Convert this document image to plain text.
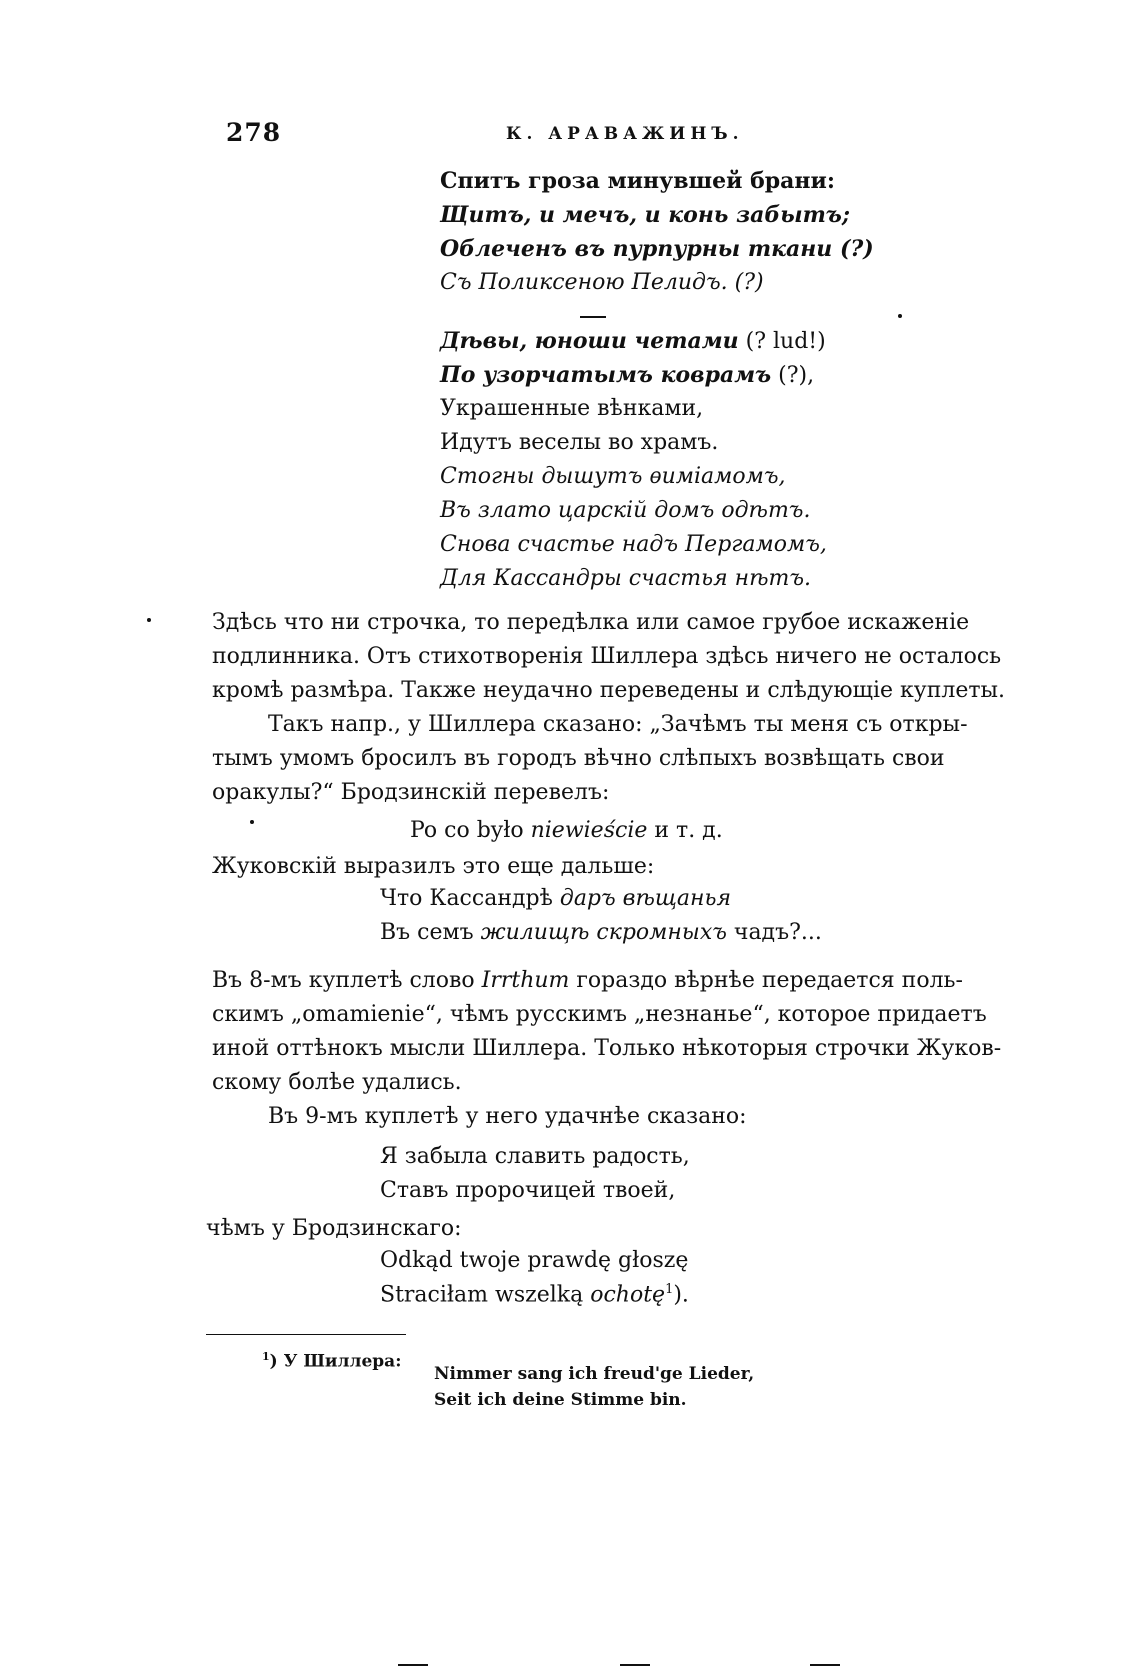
278	К. АРАВАЖИНЪ.
Спитъ гроза минувшей брани:
Щитъ, и мечъ, и конь забытъ;
Облеченъ въ пурпурны ткани (?)
Съ Поликсеною Пелидъ. (?)
Дѣвы, юноши четами (? lud!)
По узорчатымъ коврамъ (?),
Украшенные вѣнками,
Идутъ веселы во храмъ.
Стогны дышутъ ѳиміамомъ,
Въ злато царскій домъ одѣтъ.
Снова счастье надъ Пергамомъ,
Для Кассандры счастья нѣтъ.
Здѣсь что ни строчка, то передѣлка или самое грубое искаженіе
подлинника. Отъ стихотворенія Шиллера здѣсь ничего не осталось
кромѣ размѣра. Также неудачно переведены и слѣдующіе куплеты.
Такъ напр., у Шиллера сказано: „Зачѣмъ ты меня съ откры-
тымъ умомъ бросилъ въ городъ вѣчно слѣпыхъ возвѣщать свои
оракулы?“ Бродзинскій перевелъ:
Po co było niewieście и т. д.
Жуковскій выразилъ это еще дальше:
Что Кассандрѣ даръ вѣщанья
Въ семъ жилищѣ скромныхъ чадъ?...
Въ 8-мъ куплетѣ слово Irrthum гораздо вѣрнѣе передается поль-
скимъ „omamienie“, чѣмъ русскимъ „незнанье“, которое придаетъ
иной оттѣнокъ мысли Шиллера. Только нѣкоторыя строчки Жуков-
скому болѣе удались.
Въ 9-мъ куплетѣ у него удачнѣе сказано:
Я забыла славить радость,
Ставъ пророчицей твоей,
чѣмъ у Бродзинскаго:
Odkąd twoje prawdę głoszę
Straciłam wszelką ochotę$^1$).
$^1$) У Шиллера:
Nimmer sang ich freud'ge Lieder,
Seit ich deine Stimme bin.
